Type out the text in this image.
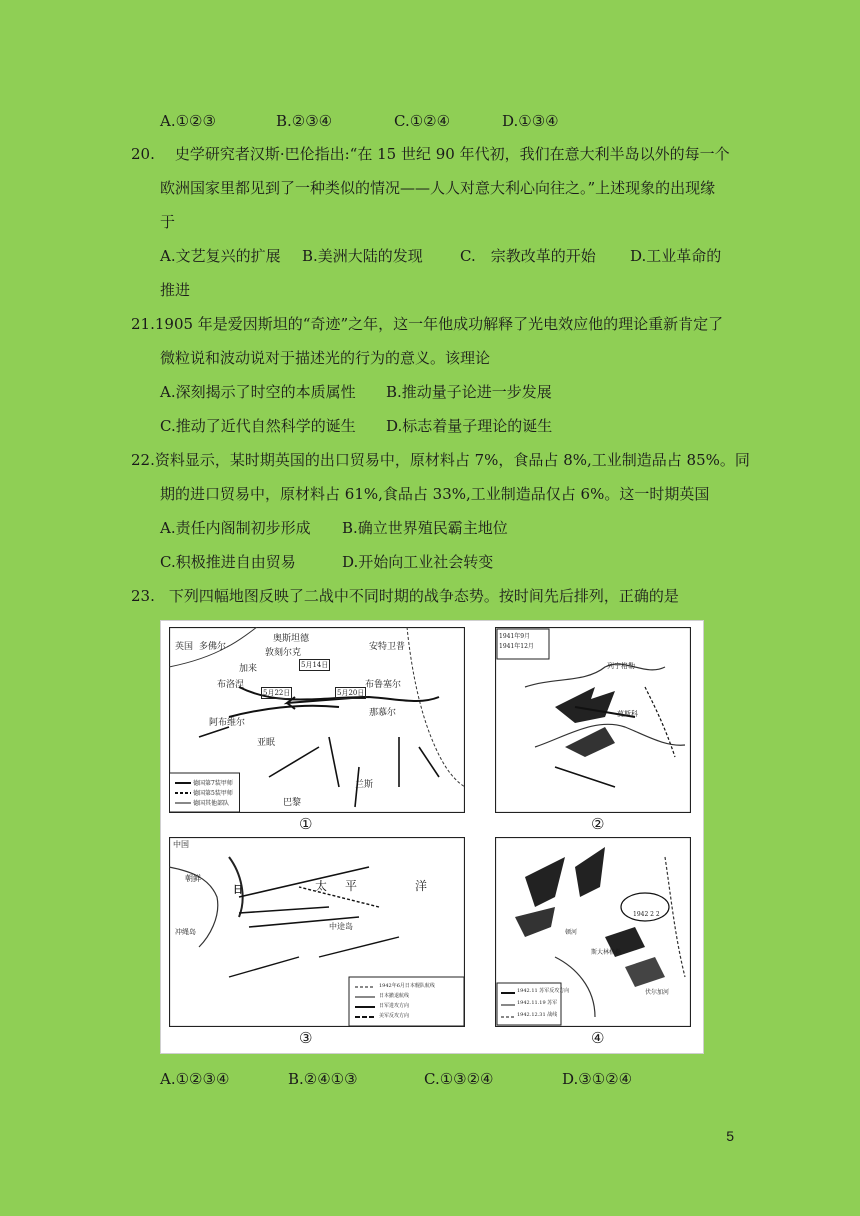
A.①②③	B.②③④	C.①②④	D.①③④
20. 史学研究者汉斯·巴伦指出:“在 15 世纪 90 年代初，我们在意大利半岛以外的每一个
欧洲国家里都见到了一种类似的情况——人人对意大利心向往之。”上述现象的出现缘
于
A.文艺复兴的扩展 B.美洲大陆的发现 C.　宗教改革的开始 D.工业革命的
推进
21.1905 年是爱因斯坦的“奇迹”之年，这一年他成功解释了光电效应他的理论重新肯定了
微粒说和波动说对于描述光的行为的意义。该理论
A.深刻揭示了时空的本质属性 B.推动量子论进一步发展
C.推动了近代自然科学的诞生 D.标志着量子理论的诞生
22.资料显示，某时期英国的出口贸易中，原材料占 7%，食品占 8%,工业制造品占 85%。同
期的进口贸易中，原材料占 61%,食品占 33%,工业制造品仅占 6%。这一时期英国
A.责任内阁制初步形成 B.确立世界殖民霸主地位
C.积极推进自由贸易	D.开始向工业社会转变
23. 下列四幅地图反映了二战中不同时期的战争态势。按时间先后排列，正确的是
英国 多佛尔
奥斯坦德
敦刻尔克
安特卫普
加来
布洛涅
阿布维尔
亚眠
巴黎
布鲁塞尔
那慕尔
兰斯
5月22日	5月20日
5月14日
德国第7装甲师
德国第5装甲师
德国其他部队
①
1941年9月
1941年12月
列宁格勒
莫斯科
②
中国
朝鲜
日	太 平	洋
中途岛
冲绳岛
1942年6月日本舰队航线
日本撤退航线
日军进攻方向
美军反攻方向
③
1942 2 2
斯大林格勒
1942.11 苏军反攻方向
1942.11.19 苏军
1942.12.31 战线
伏尔加河
顿河
④
A.①②③④	B.②④①③	C.①③②④	D.③①②④
5
